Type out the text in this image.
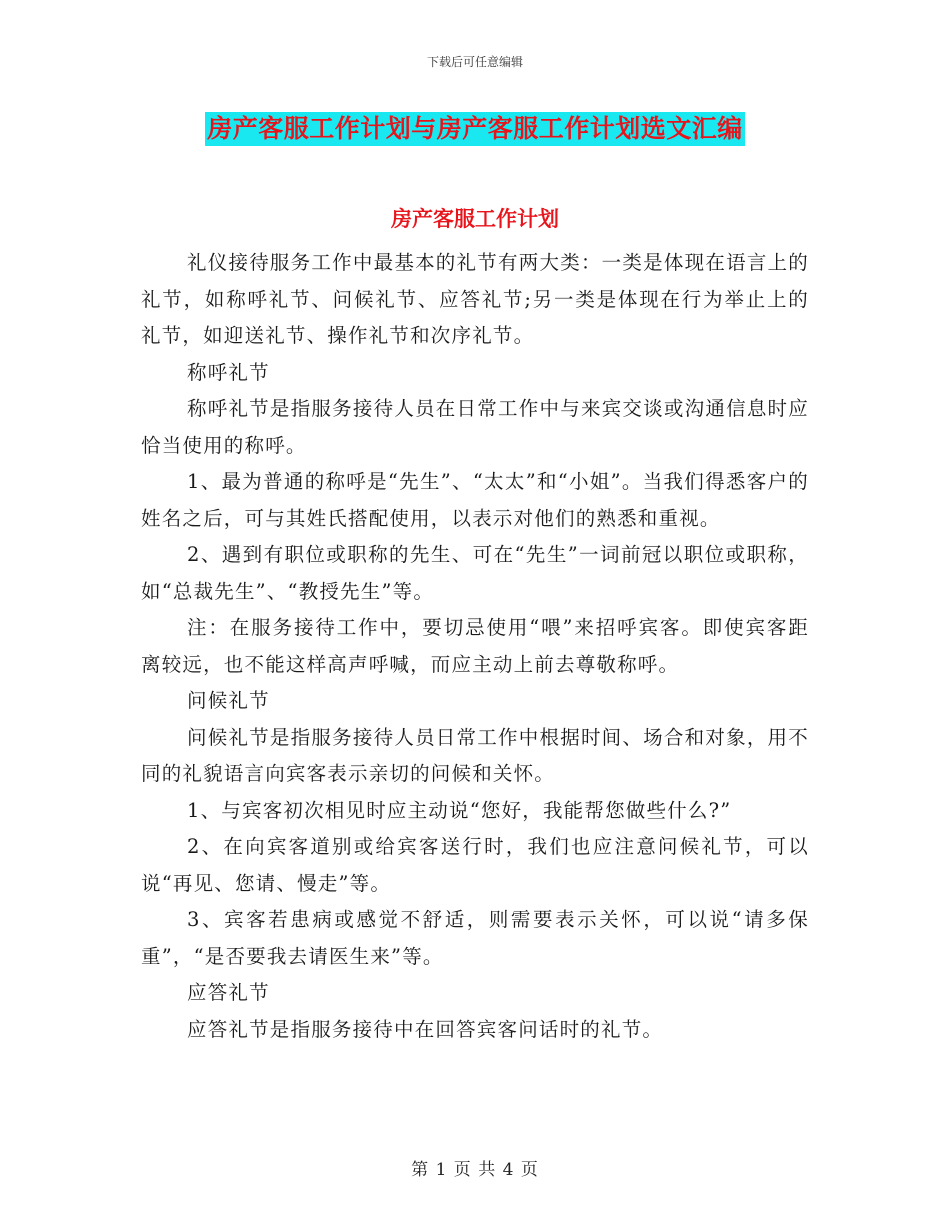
下载后可任意编辑
房产客服工作计划与房产客服工作计划选文汇编
房产客服工作计划

礼仪接待服务工作中最基本的礼节有两大类：一类是体现在语言上的礼节，如称呼礼节、问候礼节、应答礼节;另一类是体现在行为举止上的礼节，如迎送礼节、操作礼节和次序礼节。

称呼礼节

称呼礼节是指服务接待人员在日常工作中与来宾交谈或沟通信息时应恰当使用的称呼。

1、最为普通的称呼是“先生”、“太太”和“小姐”。当我们得悉客户的姓名之后，可与其姓氏搭配使用，以表示对他们的熟悉和重视。

2、遇到有职位或职称的先生、可在“先生”一词前冠以职位或职称，如“总裁先生”、“教授先生”等。

注：在服务接待工作中，要切忌使用“喂”来招呼宾客。即使宾客距离较远，也不能这样高声呼喊，而应主动上前去尊敬称呼。

问候礼节

问候礼节是指服务接待人员日常工作中根据时间、场合和对象，用不同的礼貌语言向宾客表示亲切的问候和关怀。

1、与宾客初次相见时应主动说“您好，我能帮您做些什么?”

2、在向宾客道别或给宾客送行时，我们也应注意问候礼节，可以说“再见、您请、慢走”等。

3、宾客若患病或感觉不舒适，则需要表示关怀，可以说“请多保重”，“是否要我去请医生来”等。

应答礼节

应答礼节是指服务接待中在回答宾客问话时的礼节。

第 1 页 共 4 页
